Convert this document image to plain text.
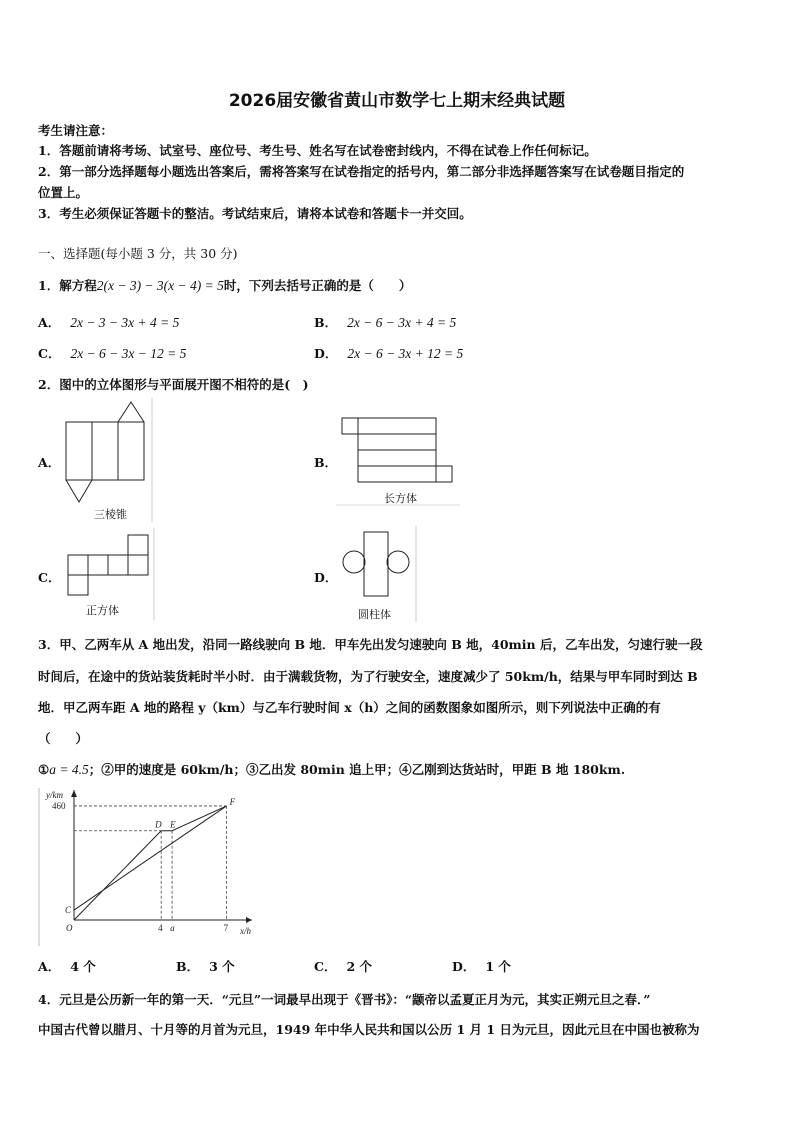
2026届安徽省黄山市数学七上期末经典试题
考生请注意：
1．答题前请将考场、试室号、座位号、考生号、姓名写在试卷密封线内，不得在试卷上作任何标记。
2．第一部分选择题每小题选出答案后，需将答案写在试卷指定的括号内，第二部分非选择题答案写在试卷题目指定的
位置上。
3．考生必须保证答题卡的整洁。考试结束后，请将本试卷和答题卡一并交回。
一、选择题(每小题 3 分，共 30 分)
1．解方程2(x − 3) − 3(x − 4) = 5时，下列去括号正确的是（　　）
A． 2x − 3 − 3x + 4 = 5	B． 2x − 6 − 3x + 4 = 5
C． 2x − 6 − 3x − 12 = 5	D． 2x − 6 − 3x + 12 = 5
2．图中的立体图形与平面展开图不相符的是(　)
A．
三棱锥
B．
长方体
C．
正方体
D．
圆柱体
3．甲、乙两车从 A 地出发，沿同一路线驶向 B 地．甲车先出发匀速驶向 B 地，40min 后，乙车出发，匀速行驶一段
时间后，在途中的货站装货耗时半小时．由于满载货物，为了行驶安全，速度减少了 50km/h，结果与甲车同时到达 B
地．甲乙两车距 A 地的路程 y（km）与乙车行驶时间 x（h）之间的函数图象如图所示，则下列说法中正确的有
（　　）
①a = 4.5；②甲的速度是 60km/h；③乙出发 80min 追上甲；④乙刚到达货站时，甲距 B 地 180km.
y/km
x/h
O	4 a	7
460
C
D E
F
A． 4 个	B． 3 个	C． 2 个	D． 1 个
4．元旦是公历新一年的第一天．“元旦”一词最早出现于《晋书》：“颛帝以孟夏正月为元，其实正朔元旦之春．”
中国古代曾以腊月、十月等的月首为元旦，1949 年中华人民共和国以公历 1 月 1 日为元旦，因此元旦在中国也被称为
